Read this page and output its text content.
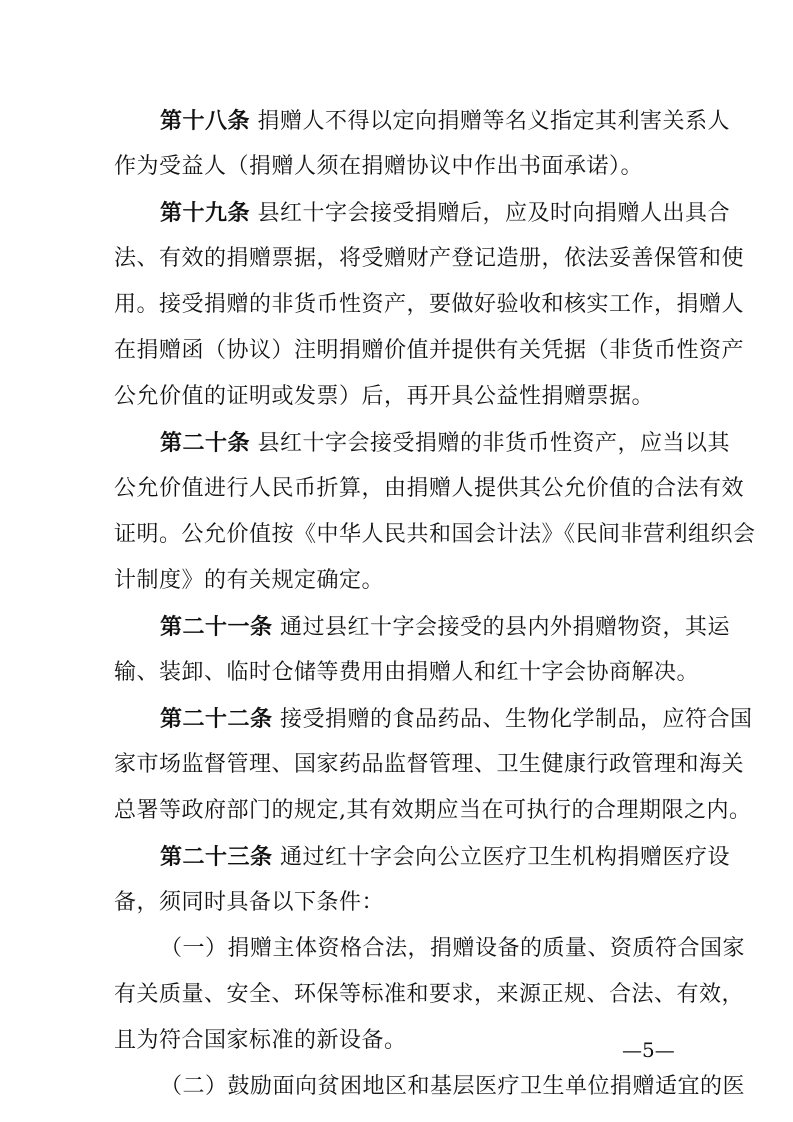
第十八条 捐赠人不得以定向捐赠等名义指定其利害关系人
作为受益人（捐赠人须在捐赠协议中作出书面承诺）。
第十九条 县红十字会接受捐赠后，应及时向捐赠人出具合
法、有效的捐赠票据，将受赠财产登记造册，依法妥善保管和使
用。接受捐赠的非货币性资产，要做好验收和核实工作，捐赠人
在捐赠函（协议）注明捐赠价值并提供有关凭据（非货币性资产
公允价值的证明或发票）后，再开具公益性捐赠票据。
第二十条 县红十字会接受捐赠的非货币性资产，应当以其
公允价值进行人民币折算，由捐赠人提供其公允价值的合法有效
证明。公允价值按《中华人民共和国会计法》《民间非营利组织会
计制度》的有关规定确定。
第二十一条 通过县红十字会接受的县内外捐赠物资，其运
输、装卸、临时仓储等费用由捐赠人和红十字会协商解决。
第二十二条 接受捐赠的食品药品、生物化学制品，应符合国
家市场监督管理、国家药品监督管理、卫生健康行政管理和海关
总署等政府部门的规定,其有效期应当在可执行的合理期限之内。
第二十三条 通过红十字会向公立医疗卫生机构捐赠医疗设
备，须同时具备以下条件：
（一）捐赠主体资格合法，捐赠设备的质量、资质符合国家
有关质量、安全、环保等标准和要求，来源正规、合法、有效，
且为符合国家标准的新设备。
（二）鼓励面向贫困地区和基层医疗卫生单位捐赠适宜的医
—5—
